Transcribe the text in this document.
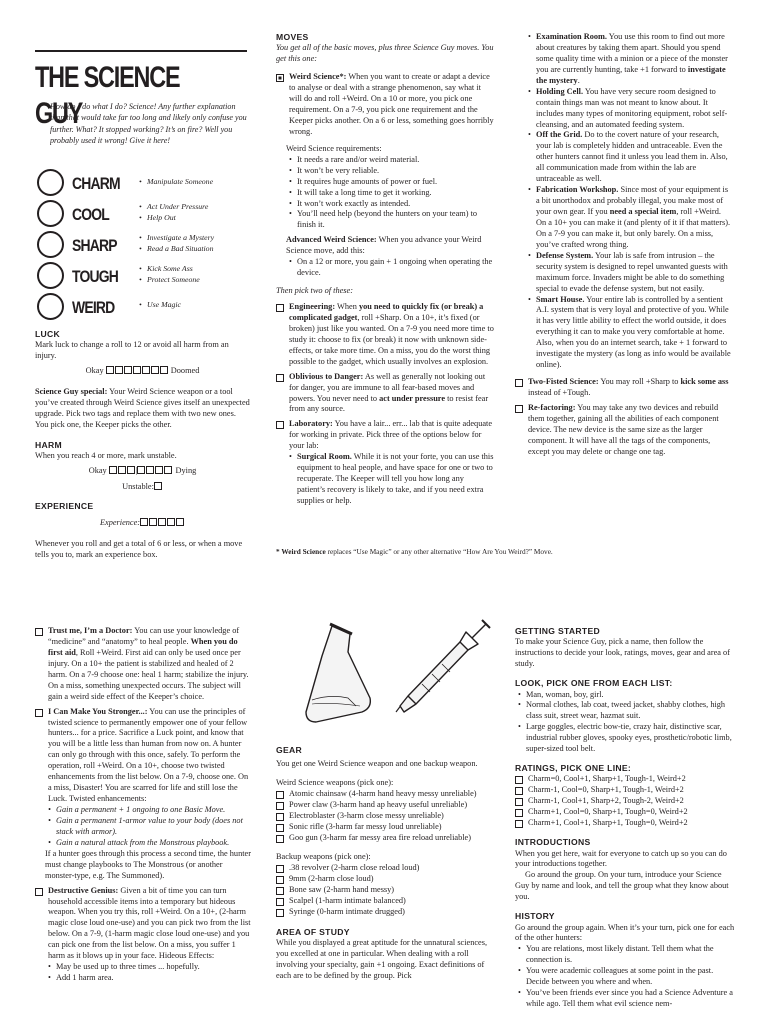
THE SCIENCE GUY
How do I do what I do? Science! Any further explanation than that would take far too long and likely only confuse you further. What? It stopped working? It’s on fire? Well you probably used it wrong! Give it here!
CHARM	• Manipulate Someone
COOL	• Act Under Pressure
• Help Out
SHARP	• Investigate a Mystery
• Read a Bad Situation
TOUGH	• Kick Some Ass
• Protect Someone
WEIRD	• Use Magic
LUCK

Mark luck to change a roll to 12 or avoid all harm from an injury.

Okay	Doomed

Science Guy special: Your Weird Science weapon or a tool you’ve created through Weird Science gives itself an unexpected upgrade. Pick two tags and replace them with two new ones. You pick one, the Keeper picks the other.

HARM

When you reach 4 or more, mark unstable.

Okay	|	Dying
Unstable:
EXPERIENCE
Experience:

Whenever you roll and get a total of 6 or less, or when a move tells you to, mark an experience box.

MOVES

You get all of the basic moves, plus three Science Guy moves. You get this one:

Weird Science*: When you want to create or adapt a device to analyse or deal with a strange phenomenon, say what it will do and roll +Weird. On a 10 or more, you pick one requirement. On a 7-9, you pick one requirement and the Keeper picks another. On a 6 or less, something goes horribly wrong.

Weird Science requirements:

• It needs a rare and/or weird material.
• It won’t be very reliable.
• It requires huge amounts of power or fuel.
• It will take a long time to get it working.
• It won’t work exactly as intended.
• You’ll need help (beyond the hunters on your team) to finish it.

Advanced Weird Science: When you advance your Weird Science move, add this:

• On a 12 or more, you gain + 1 ongoing when operating the device.

Then pick two of these:

Engineering: When you need to quickly fix (or break) a complicated gadget, roll +Sharp. On a 10+, it’s fixed (or broken) just like you wanted. On a 7-9 you need more time to study it: choose to fix (or break) it now with unknown side-effects, or take more time. On a miss, you do the worst thing possible to the gadget, which usually involves an explosion.

Oblivious to Danger: As well as generally not looking out for danger, you are immune to all fear-based moves and powers. You never need to act under pressure to resist fear from any source.

Laboratory: You have a lair... err... lab that is quite adequate for working in private. Pick three of the options below for your lab:

• Surgical Room. While it is not your forte, you can use this equipment to heal people, and have space for one or two to recuperate. The Keeper will tell you how long any patient’s recovery is likely to take, and if you need extra supplies or help.
* Weird Science replaces “Use Magic” or any other alternative “How Are You Weird?” Move.
• Examination Room. You use this room to find out more about creatures by taking them apart. Should you spend some quality time with a minion or a piece of the monster you are currently hunting, take +1 forward to investigate the mystery.
• Holding Cell. You have very secure room designed to contain things man was not meant to know about. It includes many types of monitoring equipment, robot self-cleansing, and an automated feeding system.
• Off the Grid. Do to the covert nature of your research, your lab is completely hidden and untraceable. Even the other hunters cannot find it unless you lead them in. Also, all communication made from within the lab are untraceable as well.
• Fabrication Workshop. Since most of your equipment is a bit unorthodox and probably illegal, you make most of your own gear. If you need a special item, roll +Weird. On a 10+ you can make it (and plenty of it if that matters). On a 7-9 you can make it, but only barely. On a miss, you’ve crafted wrong thing.
• Defense System. Your lab is safe from intrusion – the security system is designed to repel unwanted guests with maximum force. Invaders might be able to do something special to evade the defense system, but not easily.
• Smart House. Your entire lab is controlled by a sentient A.I. system that is very loyal and protective of you. While it has very little ability to effect the world outside, it does everything it can to make you very comfortable at home. Also, when you do an internet search, take + 1 forward to investigate the mystery (as long as info would be available online).

Two-Fisted Science: You may roll +Sharp to kick some ass instead of +Tough.

Re-factoring: You may take any two devices and rebuild them together, gaining all the abilities of each component device. The new device is the same size as the larger component. It will have all the tags of the components, except you may delete or change one tag.

Trust me, I’m a Doctor: You can use your knowledge of “medicine” and “anatomy” to heal people. When you do first aid, Roll +Weird. First aid can only be used once per injury. On a 10+ the patient is stabilized and healed of 2 harm. On a 7-9 choose one: heal 1 harm; stabilize the injury. On a miss, something unexpected occurs. The subject will gain a weird side effect of the Keeper’s choice.

I Can Make You Stronger...: You can use the principles of twisted science to permanently empower one of your fellow hunters... for a price. Sacrifice a Luck point, and know that you will be a little less than human from now on. A hunter can only go through with this once, safely. To perform the operation, roll +Weird. On a 10+, choose two twisted enhancements from the list below. On a 7-9, choose one. On a miss, Disaster! You are scarred for life and still lose the Luck. Twisted enhancements:

• Gain a permanent + 1 ongoing to one Basic Move.
• Gain a permanent 1-armor value to your body (does not stack with armor).
• Gain a natural attack from the Monstrous playbook.

If a hunter goes through this process a second time, the hunter must change playbooks to The Monstrous (or another monster-type, e.g. The Summoned).

Destructive Genius: Given a bit of time you can turn household accessible items into a temporary but hideous weapon. When you try this, roll +Weird. On a 10+, (2-harm magic close loud one-use) and you can pick two from the list below. On a 7-9, (1-harm magic close loud one-use) and you can pick one from the list below. On a miss, you suffer 1 harm as it blows up in your face. Hideous Effects:

• May be used up to three times ... hopefully.
• Add 1 harm area.
GEAR

You get one Weird Science weapon and one backup weapon.

Weird Science weapons (pick one):

Atomic chainsaw (4-harm hand heavy messy unreliable)
Power claw (3-harm hand ap heavy useful unreliable)
Electroblaster (3-harm close messy unreliable)
Sonic rifle (3-harm far messy loud unreliable)
Goo gun (3-harm far messy area fire reload unreliable)

Backup weapons (pick one):

.38 revolver (2-harm close reload loud)
9mm (2-harm close loud)
Bone saw (2-harm hand messy)
Scalpel (1-harm intimate balanced)
Syringe (0-harm intimate drugged)
AREA OF STUDY

While you displayed a great aptitude for the unnatural sciences, you excelled at one in particular. When dealing with a roll involving your specialty, gain +1 ongoing. Exact definitions of each are to be defined by the group. Pick

GETTING STARTED

To make your Science Guy, pick a name, then follow the instructions to decide your look, ratings, moves, gear and area of study.

LOOK, PICK ONE FROM EACH LIST:
• Man, woman, boy, girl.
• Normal clothes, lab coat, tweed jacket, shabby clothes, high class suit, street wear, hazmat suit.
• Large goggles, electric bow-tie, crazy hair, distinctive scar, industrial rubber gloves, spooky eyes, prosthetic/robotic limb, super-sized tool belt.
RATINGS, PICK ONE LINE:
Charm=0, Cool+1, Sharp+1, Tough-1, Weird+2
Charm-1, Cool=0, Sharp+1, Tough-1, Weird+2
Charm-1, Cool+1, Sharp+2, Tough-2, Weird+2
Charm+1, Cool=0, Sharp+1, Tough=0, Weird+2
Charm+1, Cool+1, Sharp+1, Tough=0, Weird+2
INTRODUCTIONS

When you get here, wait for everyone to catch up so you can do your introductions together.

Go around the group. On your turn, introduce your Science Guy by name and look, and tell the group what they know about you.

HISTORY

Go around the group again. When it’s your turn, pick one for each of the other hunters:

• You are relations, most likely distant. Tell them what the connection is.
• You were academic colleagues at some point in the past. Decide between you where and when.
• You’ve been friends ever since you had a Science Adventure a while ago. Tell them what evil science nem-
